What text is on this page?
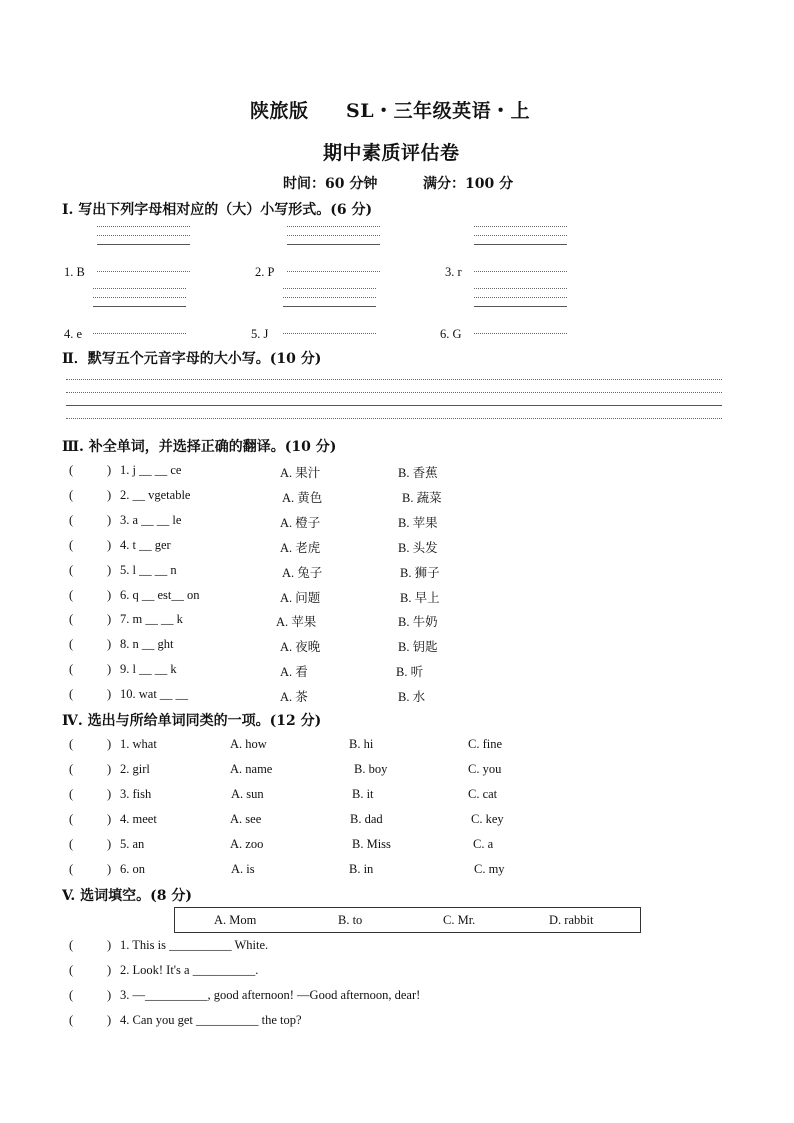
陕旅版 SL・三年级英语・上
期中素质评估卷
时间：60 分钟	满分：100 分
I. 写出下列字母相对应的（大）小写形式。(6 分)
Ⅱ．默写五个元音字母的大小写。(10 分)
Ⅲ. 补全单词，并选择正确的翻译。(10 分)
Ⅳ. 选出与所给单词同类的一项。(12 分)
V. 选词填空。(8 分)
A. Mom	B. to	C. Mr.	D. rabbit
1. B	2. P	3. r
4. e	5. J	6. G
(	) 1. j __ __ ce	A. 果汁	B. 香蕉
(	) 2. __ vgetable	A. 黄色	B. 蔬菜
(	) 3. a __ __ le	A. 橙子	B. 苹果
(	) 4. t __ ger	A. 老虎	B. 头发
(	) 5. l __ __ n	A. 兔子	B. 狮子
(	) 6. q __ est__ on	A. 问题	B. 早上
(	) 7. m __ __ k	A. 苹果	B. 牛奶
(	) 8. n __ ght	A. 夜晚	B. 钥匙
(	) 9. l __ __ k	A. 看	B. 听
(	) 10. wat __ __	A. 茶	B. 水
(	) 1. what	A. how	B. hi	C. fine
(	) 2. girl	A. name	B. boy	C. you
(	) 3. fish	A. sun	B. it	C. cat
(	) 4. meet	A. see	B. dad	C. key
(	) 5. an	A. zoo	B. Miss	C. a
(	) 6. on	A. is	B. in	C. my
(	) 1. This is __________ White.
(	) 2. Look! It's a __________.
(	) 3. —__________, good afternoon! —Good afternoon, dear!
(	) 4. Can you get __________ the top?
